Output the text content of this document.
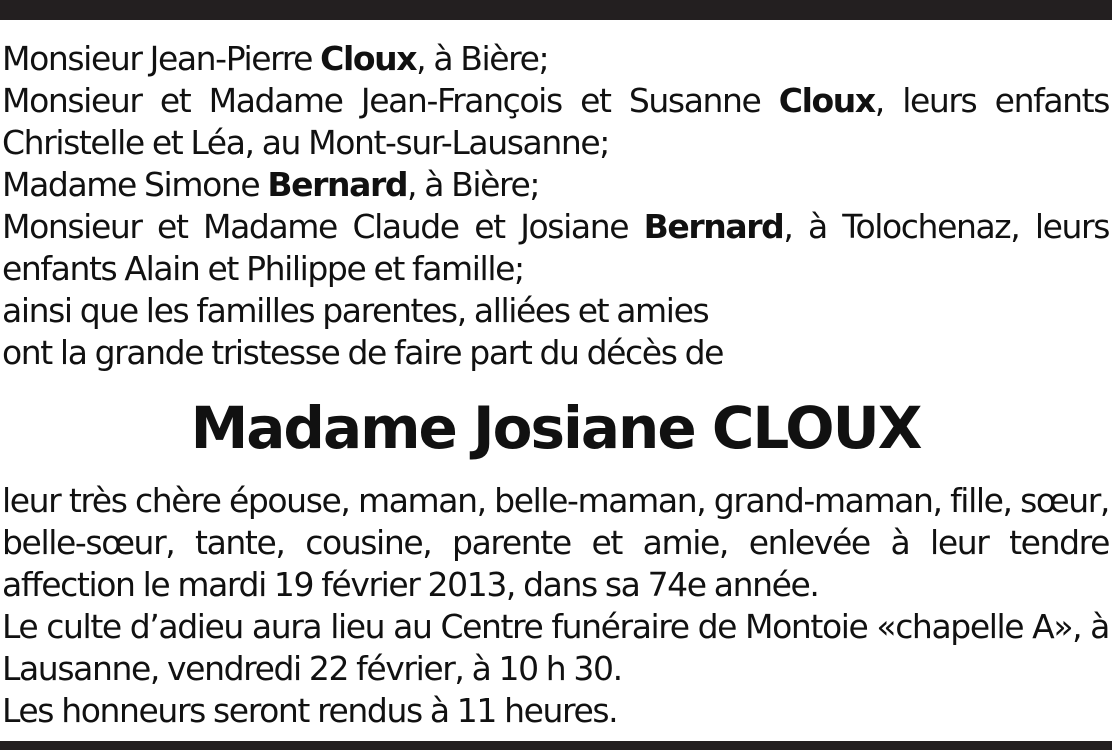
Monsieur Jean-Pierre Cloux, à Bière;

Monsieur et Madame Jean-François et Susanne Cloux, leurs enfants Christelle et Léa, au Mont-sur-Lausanne;

Madame Simone Bernard, à Bière;

Monsieur et Madame Claude et Josiane Bernard, à Tolochenaz, leurs enfants Alain et Philippe et famille;

ainsi que les familles parentes, alliées et amies

ont la grande tristesse de faire part du décès de

Madame Josiane CLOUX

leur très chère épouse, maman, belle-maman, grand-maman, fille, sœur, belle-sœur, tante, cousine, parente et amie, enlevée à leur tendre affection le mardi 19 février 2013, dans sa 74e année.

Le culte d’adieu aura lieu au Centre funéraire de Montoie «chapelle A», à Lausanne, vendredi 22 février, à 10 h 30.

Les honneurs seront rendus à 11 heures.
